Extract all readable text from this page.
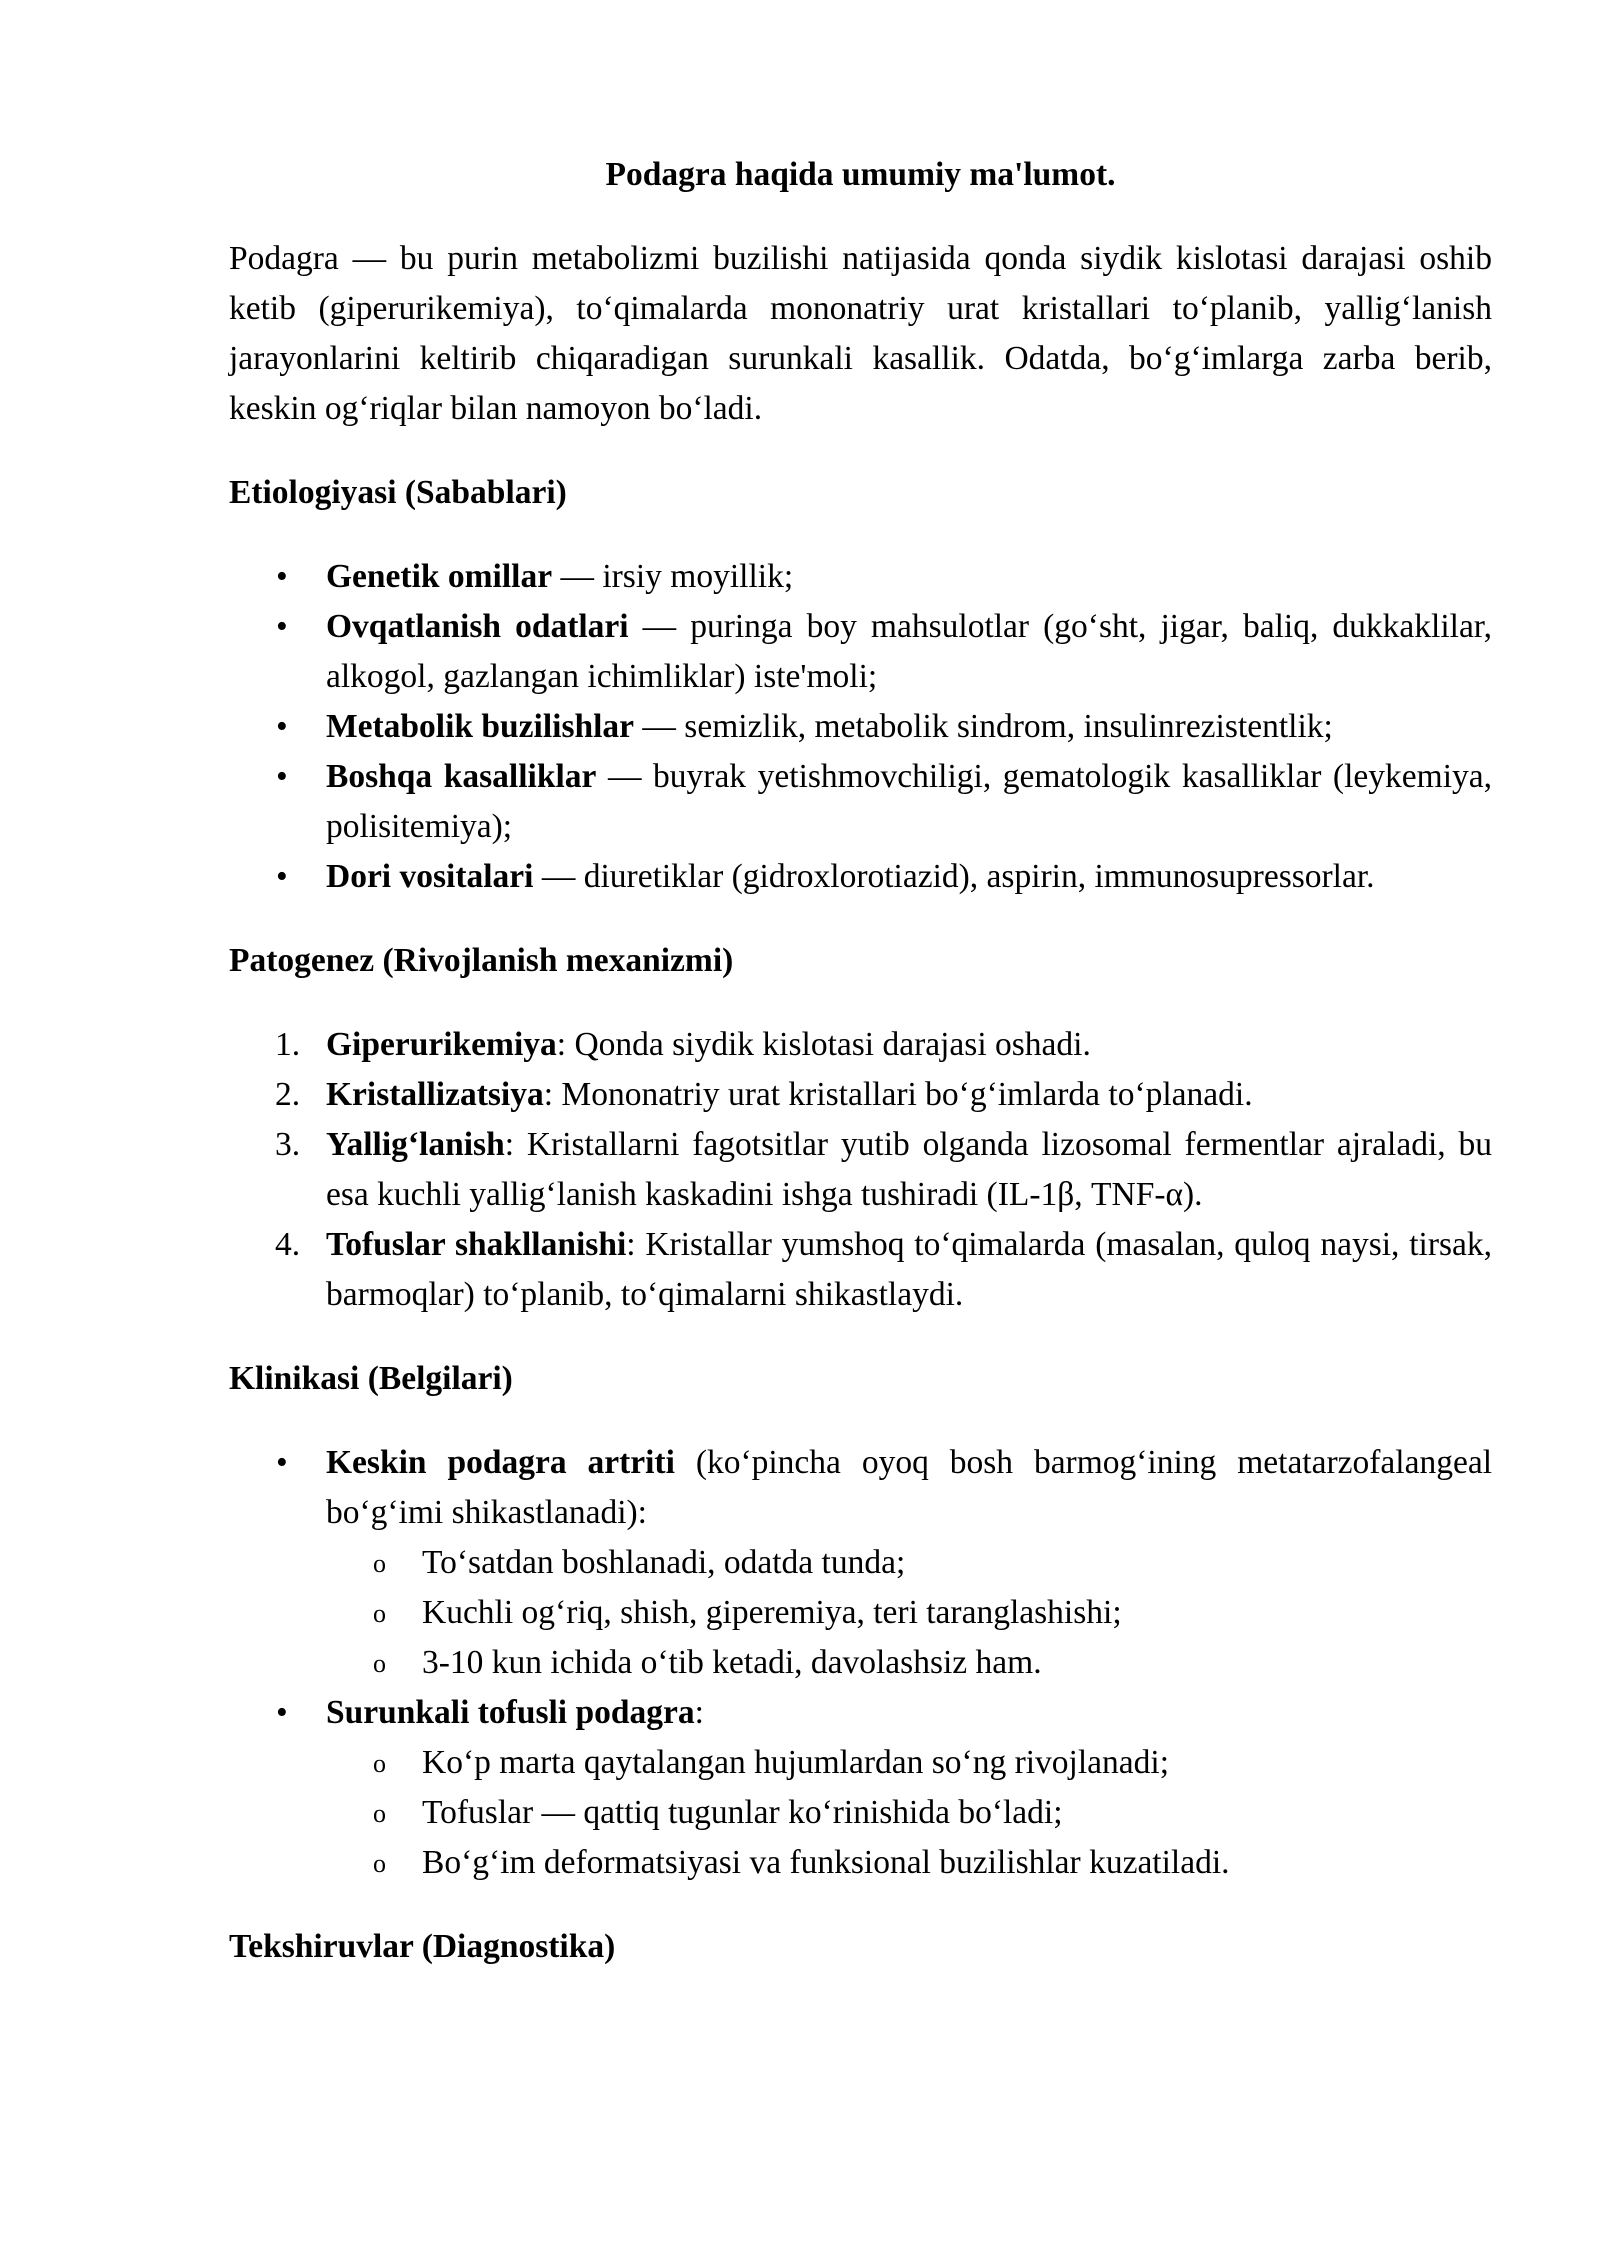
Podagra haqida umumiy ma'lumot.

Podagra — bu purin metabolizmi buzilishi natijasida qonda siydik kislotasi darajasi oshib ketib (giperurikemiya), to‘qimalarda mononatriy urat kristallari to‘planib, yallig‘lanish jarayonlarini keltirib chiqaradigan surunkali kasallik. Odatda, bo‘g‘imlarga zarba berib, keskin og‘riqlar bilan namoyon bo‘ladi.

Etiologiyasi (Sabablari)

•	Genetik omillar — irsiy moyillik;
•	Ovqatlanish odatlari — puringa boy mahsulotlar (go‘sht, jigar, baliq, dukkaklilar, alkogol, gazlangan ichimliklar) iste'moli;
•	Metabolik buzilishlar — semizlik, metabolik sindrom, insulinrezistentlik;
•	Boshqa kasalliklar — buyrak yetishmovchiligi, gematologik kasalliklar (leykemiya, polisitemiya);
•	Dori vositalari — diuretiklar (gidroxlorotiazid), aspirin, immunosupressorlar.

Patogenez (Rivojlanish mexanizmi)

1. Giperurikemiya: Qonda siydik kislotasi darajasi oshadi.
2. Kristallizatsiya: Mononatriy urat kristallari bo‘g‘imlarda to‘planadi.
3. Yallig‘lanish: Kristallarni fagotsitlar yutib olganda lizosomal fermentlar ajraladi, bu esa kuchli yallig‘lanish kaskadini ishga tushiradi (IL-1β, TNF-α).
4. Tofuslar shakllanishi: Kristallar yumshoq to‘qimalarda (masalan, quloq naysi, tirsak, barmoqlar) to‘planib, to‘qimalarni shikastlaydi.

Klinikasi (Belgilari)

•	Keskin podagra artriti (ko‘pincha oyoq bosh barmog‘ining metatarzofalangeal bo‘g‘imi shikastlanadi):
o To‘satdan boshlanadi, odatda tunda;
o Kuchli og‘riq, shish, giperemiya, teri taranglashishi;
o 3-10 kun ichida o‘tib ketadi, davolashsiz ham.
•	Surunkali tofusli podagra:
o Ko‘p marta qaytalangan hujumlardan so‘ng rivojlanadi;
o Tofuslar — qattiq tugunlar ko‘rinishida bo‘ladi;
o Bo‘g‘im deformatsiyasi va funksional buzilishlar kuzatiladi.

Tekshiruvlar (Diagnostika)
